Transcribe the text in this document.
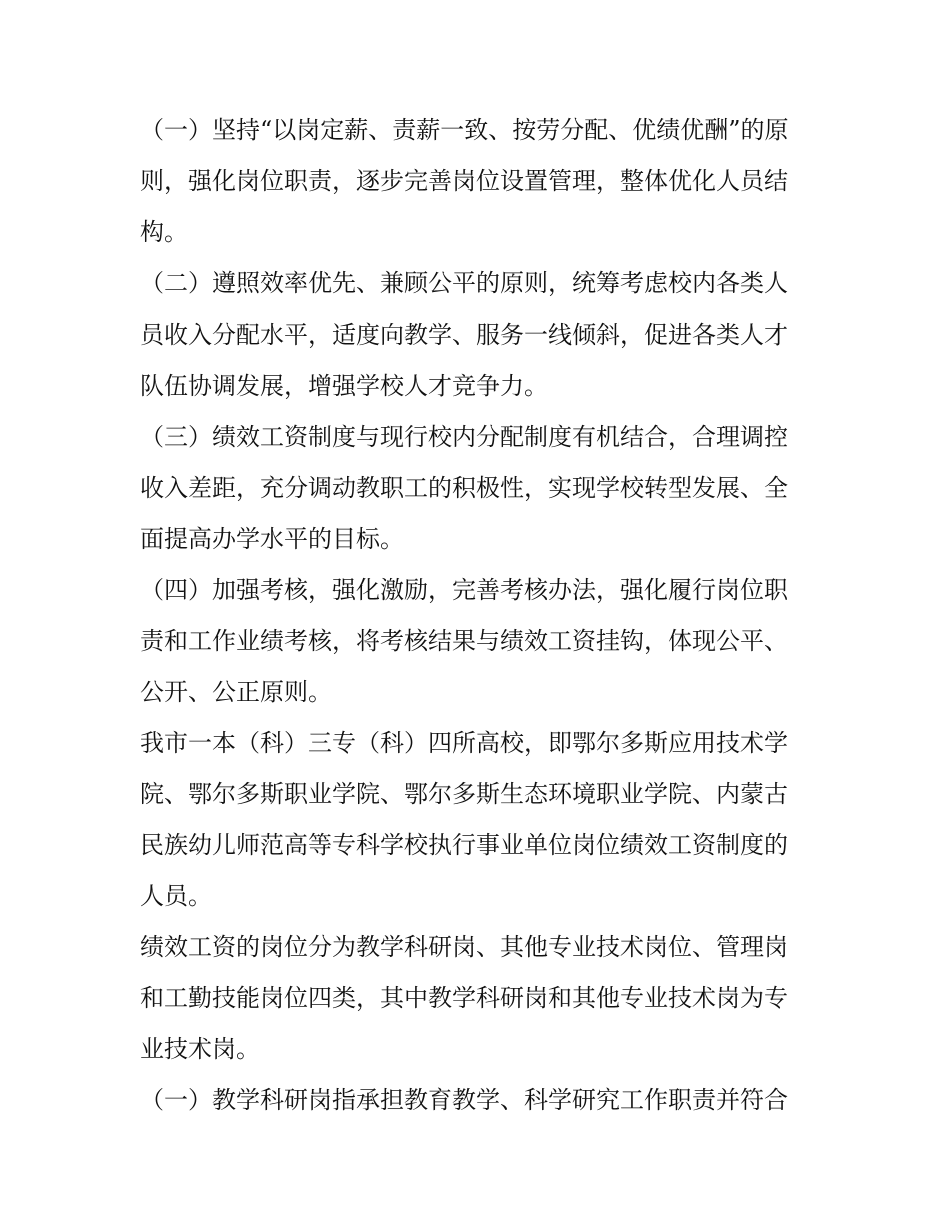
（一）坚持“以岗定薪、责薪一致、按劳分配、优绩优酬”的原
则，强化岗位职责，逐步完善岗位设置管理，整体优化人员结
构。
（二）遵照效率优先、兼顾公平的原则，统筹考虑校内各类人
员收入分配水平，适度向教学、服务一线倾斜，促进各类人才
队伍协调发展，增强学校人才竞争力。
（三）绩效工资制度与现行校内分配制度有机结合，合理调控
收入差距，充分调动教职工的积极性，实现学校转型发展、全
面提高办学水平的目标。
（四）加强考核，强化激励，完善考核办法，强化履行岗位职
责和工作业绩考核，将考核结果与绩效工资挂钩，体现公平、
公开、公正原则。
我市一本（科）三专（科）四所高校，即鄂尔多斯应用技术学
院、鄂尔多斯职业学院、鄂尔多斯生态环境职业学院、内蒙古
民族幼儿师范高等专科学校执行事业单位岗位绩效工资制度的
人员。
绩效工资的岗位分为教学科研岗、其他专业技术岗位、管理岗
和工勤技能岗位四类，其中教学科研岗和其他专业技术岗为专
业技术岗。
（一）教学科研岗指承担教育教学、科学研究工作职责并符合
